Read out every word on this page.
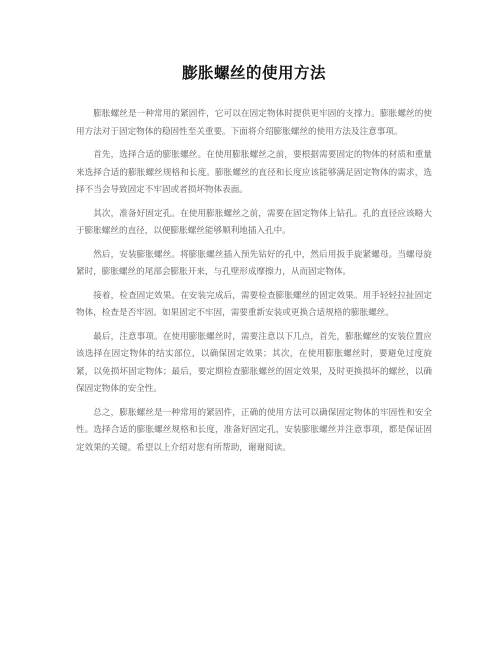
膨胀螺丝的使用方法

膨胀螺丝是一种常用的紧固件，它可以在固定物体时提供更牢固的支撑力。膨胀螺丝的使用方法对于固定物体的稳固性至关重要。下面将介绍膨胀螺丝的使用方法及注意事项。

首先，选择合适的膨胀螺丝。在使用膨胀螺丝之前，要根据需要固定的物体的材质和重量来选择合适的膨胀螺丝规格和长度。膨胀螺丝的直径和长度应该能够满足固定物体的需求，选择不当会导致固定不牢固或者损坏物体表面。

其次，准备好固定孔。在使用膨胀螺丝之前，需要在固定物体上钻孔。孔的直径应该略大于膨胀螺丝的直径，以便膨胀螺丝能够顺利地插入孔中。

然后，安装膨胀螺丝。将膨胀螺丝插入预先钻好的孔中，然后用扳手旋紧螺母。当螺母旋紧时，膨胀螺丝的尾部会膨胀开来，与孔壁形成摩擦力，从而固定物体。

接着，检查固定效果。在安装完成后，需要检查膨胀螺丝的固定效果。用手轻轻拉扯固定物体，检查是否牢固。如果固定不牢固，需要重新安装或更换合适规格的膨胀螺丝。

最后，注意事项。在使用膨胀螺丝时，需要注意以下几点，首先，膨胀螺丝的安装位置应该选择在固定物体的结实部位，以确保固定效果；其次，在使用膨胀螺丝时，要避免过度旋紧，以免损坏固定物体；最后，要定期检查膨胀螺丝的固定效果，及时更换损坏的螺丝，以确保固定物体的安全性。

总之，膨胀螺丝是一种常用的紧固件，正确的使用方法可以确保固定物体的牢固性和安全性。选择合适的膨胀螺丝规格和长度，准备好固定孔，安装膨胀螺丝并注意事项，都是保证固定效果的关键。希望以上介绍对您有所帮助，谢谢阅读。
